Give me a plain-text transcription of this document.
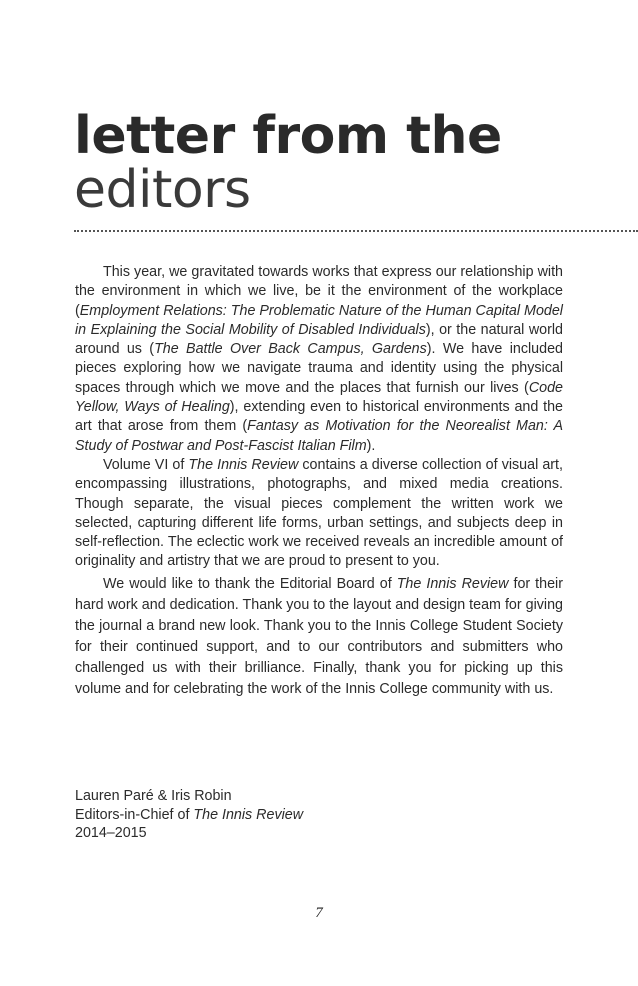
letter from the
editors

This year, we gravitated towards works that express our relationship with the environment in which we live, be it the environment of the workplace (Employment Relations: The Problematic Nature of the Human Capital Model in Explaining the Social Mobility of Disabled Individuals), or the natural world around us (The Battle Over Back Campus, Gardens). We have included pieces exploring how we navigate trauma and identity using the physical spaces through which we move and the places that furnish our lives (Code Yellow, Ways of Healing), extending even to historical environments and the art that arose from them (Fantasy as Motivation for the Neorealist Man: A Study of Postwar and Post-Fascist Italian Film).

Volume VI of The Innis Review contains a diverse collection of visual art, encompassing illustrations, photographs, and mixed media creations. Though separate, the visual pieces complement the written work we selected, capturing different life forms, urban settings, and subjects deep in self-reflection. The eclectic work we received reveals an incredible amount of originality and artistry that we are proud to present to you.

We would like to thank the Editorial Board of The Innis Review for their hard work and dedication. Thank you to the layout and design team for giving the journal a brand new look. Thank you to the Innis College Student Society for their continued support, and to our contributors and submitters who challenged us with their brilliance. Finally, thank you for picking up this volume and for celebrating the work of the Innis College community with us.

Lauren Paré & Iris Robin
Editors-in-Chief of The Innis Review
2014–2015
7
